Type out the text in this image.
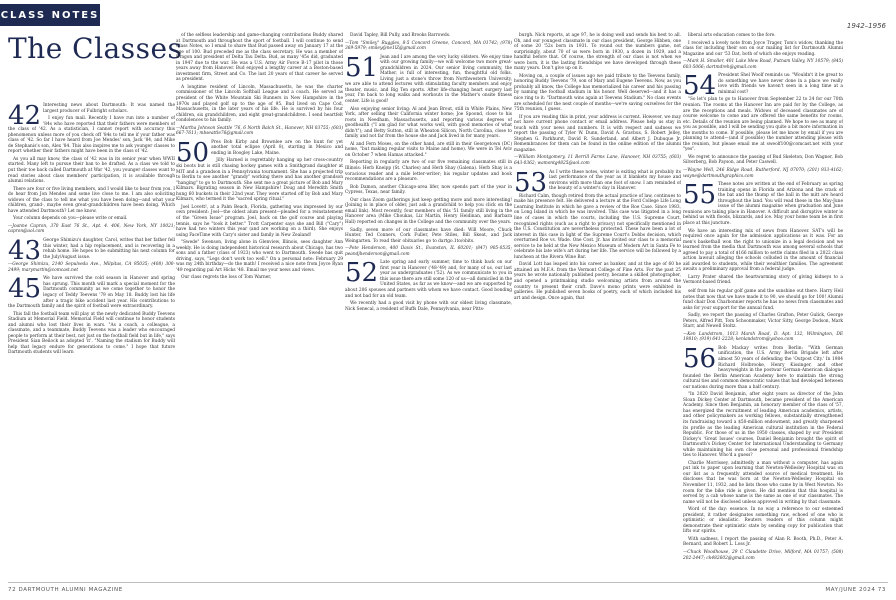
CLASS NOTES
1942–1956
The Classes
42 Interesting news about Dartmouth: It was named the largest producer of Fulbright scholars.

I enjoy fun mail. Recently I have run into a number of '84s who have reported that their fathers were members of the class of '42. As a statistician, I cannot report with accuracy this phenomenon unless more of you check off '84s to tell me if your father was class of '42. So far I have heard from Joe Mendes' son, Jack '84, and Mike de Stephanis's son, Alex '84. This also inspires me to ask younger classes to report whether their fathers might have been in the class of '42.

As you all may know, the class of '42 was in its senior year when WWII started. Many left to pursue their ban to be drafted. As a class we told to put their toe back called Dartmouth at War '42, you younger classes want to read stories about class members' participation, it is available through alumni relations.

There are four or five living members, and I would like to hear from you. I do hear from Jon Mendes and some live close to me. I am also soliciting widows of the class to tell me what you have been doing—and what your children, grand-, maybe even great-grandchildren have been doing. Which have attended Dartmouth? Let me know.

Your column depends on you—please write or email.

—Joanne Capron, 370 East 76 St., Apt. 4. 406, New York, NY 10021; capron@aol.com

43 George Shimizu's daughter, Carol, writes that her father fell this winter, had a hip replacement, and is recovering in a rehab home. He hopes to be submitting his next column for the July/August issue.

—George Shimizu, 2140 Sepulveda Ave., Milpitas, CA 95035; (408) 300-2499; marymartin@comcast.net

45 We have survived the cold season in Hanover and spring has sprung. This month will mark a special moment for the Dartmouth community as we come together to honor the legacy of Teddy Teevens '79 on May 18. Buddy lost his life after a tragic bike accident last year. His contributions to the Dartmouth family and the spirit of football were extraordinary.

This fall the football team will play at the newly dedicated Buddy Teevens Stadium at Memorial Field. Memorial Field will continue to honor students and alumni who lost their lives in wars. "As a coach, a colleague, a classmate, and a teammate, Buddy Teevens was a leader who encouraged people to perform at their best, not just on the football field but in life," says President Sian Beilock as adopted 'it'. "Naming the stadium for Buddy will help that legacy endure for generations to come." I hope that future Dartmouth students will learn

of the selfless leadership and game-changing contributions Buddy shared at Dartmouth and throughout the sport of football. I will continue to send Class Notes, so I email to share that Bud passed away on January 17 at the age of 100. Bud preceded me as the class secretary. He was a member of Dragon and president of Delta Tau Delta. Bud, as many '45s did, graduated in 1947 due to the war. He was a U.S. Army Air Force B-17 pilot in those years away from Hanover. Bud enjoyed a lengthy career at a Boston-based investment firm, Street and Co. The last 20 years of that career he served as president.

A longtime resident of Lincoln, Massachusetts, he was the charter commissioner of the Lincoln Softball League and a coach. He served as president of the White Mountain Ski Runners in New Hampshire in the 1970s and played golf up to the age of 95. Bud lived on Cape Cod, Massachusetts, in the later years of his life. He is survived by his four children, six grandchildren, and eight great-grandchildren. I send heartfelt condolences to his family.

—Martha Johnson Seattle '76, 6 North Balch St., Hanover, NH 03755; (603) 667-7611; mbseattle76@gmail.com

50 Pres Bob Kirby and Brownlee are on the hunt for yet another total eclipse (April 8), starting in Mexico and ending in Boogley Lake, Maine.

Jilly Harned is regrettably hanging up her cross-country ski boots but is still chasing hockey games with a Smithgrand daughter at MIT and a grandson in a Pennsylvania tournament. She has a projected trip to Berlin to see another "grandy" working there and has another grandson "hanging" to go to Dartmouth. She sent me a great picture of Bob and Mary Kilmars. Bigrating season in New Hampshire! Doug and Meredith Smith hung 60 buckets in their 22nd year. They were started off by Bob and Mary Kilmars, who termed it the "sacred spring ritual."

Joel Lovett!, at a Palm Beach, Florida, gathering was impressed by our own president: Joel—the oldest alum present—pleaded for a reinstatement of the "Green Issue" program. Joel, back on the golf course and playing tennis, says he "took it better." Trott Carpenter says she and Bill ("Cary") have had two winters this year (and are working on a third). She enjoys using FaceTime with Cary's sister and family in New Zealand!

"Swede" Swenson, living alone in Glenview, Illinois, sees daughter Ann weekly. He is doing independent historical research about Chicago, has two sons and a father (class of 1923) who went to Dartmouth. Swede has quit driving, says, "Legs don't work too well." On a personal note: February 29 was my 24th birthday—do the math! I received a nice note from Joyce Ryan '49 regarding pal Art Hicks '48. Email me your news and views.

Our class regrets the loss of Tom Warner,

David Tapley, Bill Pully, and Brooks Barrowds.

—Tom "Smiley" Ruggles, 8-5 Concord Greene, Concord, MA 01742; (978) 369-5979; smiley@ne1lZ@gmail.com

51 Jean and I are among the very lucky oldsters. We enjoy time with our growing family—we will welcome two more great-grandchildren in 2024. Our senior living community, the Mather, is full of interesting, fun, thoughtful old folks. Living just a stone's throw from Northwestern University, we are able to attend lectures with stimulating faculty members and enjoy theater, music, and Big Ten sports. After life-changing heart surgery last year, I'm back to long walks and workouts in the Mather's onsite fitness center. Life is good!

Also enjoying senior living: Al and Jean Brout, still in White Plains, New York, after selling their California winter home; Joe Spoond, close to his roots in Needham, Massachusetts, and reporting various degrees of goodhealth ("I am glad for what works well, with good memories of what didn't"); and Betty Sutton, still in Wheaton Silicon, North Carolina, close to family and not far from the house she and Jack lived in for many years.

Al and Fern Moses, on the other hand, are still in their Georgetown (DC) home, "but making regular visits to Maine and home). We were in Tel Aviv on October 7 when Hamas attacked."

Reporting in regularly are two of our five remaining classmates still in Illinois: Herb Kneipp (St. Charles) and Herb Shay (Galena). Herb Shay is a voracious reader and a mile letter-writer; his regular updates and book recommendations are a pleasure.

Bob Damon, another Chicago-area lifer, now spends part of the year in Cypress, Texas, near family.

Our class Zoom gatherings just keep getting more and more interesting! (Joining is in place of older, just ask a grandchild to help you click on the email link). Most recently, four members of this '51 family still living in the Hanover area (Mike Choukas, Liz Martin, Henry Heidinan, and Barbara Hall) reported on changes in the College and the community over the years.

Sadly, seven more of our classmates have died: Will Moore, Chuck Hunter, Ted Conners, Cork Fuller, Pete Stiles, Bill Skeat, and Jack Weingarten. To read their obituaries go to dartgo.1to/obits.

—Pete Henderson, 400 Davis St., Evanston, IL 60201; (847) 905-0535; peandjhenderson@gmail.com

52 Late spring and early summer, time to think back on our first year in Hanover ('48-'49) and, for many of us, our last year as undergraduates ('52). As we communicate to you in this issue there are still some 120 of us—all domiciled in the United States, as far as we know—and we are supported by about 206 spouses and partners with whom we have contact. Good bonding and not bad for an old team.

We recently had a good visit by phone with our oldest living classmate, Nick Senecal, a resident of Buffs Dale, Pennsylvania, near Pitts-

burgh. Nick reports, at age 97, he is doing well and sends his best to all. Oh, and our youngest classmate in our class president, George Hibben, one of some 20 '52s born in 1931. To round out the numbers game, not surprisingly, about 70 of us were born in 1930, a dozen in 1929, and a handful before that. Of course, the strength of our class is not when we were born, it is the lasting friendships we have developed through these many years. Don't give up on it.

Moving on, a couple of issues ago we paid tribute to the Teevens family, honoring Buddy Teevens '79, son of Mary and Eugene Teevens. Now, as you probably all know, the College has memorialized his career and his passing by naming the football stadium in his honor. Well deserved—and it has a nice ring to it: "Dartmouth wins again at Teevens Stadium." No class events are scheduled for the next couple of months—we're saving ourselves for the 75th reunion, I guess.

If you are reading this in print, your address is current. However, we may not have current phone contact or email address. Please help us stay in touch with your news and numbers. It is with respect and sadness we report the passing of Tyler W. Dunn, David A. Gravbus, S. Robert Jelley, Stephen G. Parkhurst, David R. Sunderland, and Albert J. Dubuque Jr. Remembrances for them can be found in the online edition of the alumni magazine.

—William Montgomery, 11 Berrill Farms Lane, Hanover, NH 03755; (603) 643-0362; wamontg4825@aol.com

53 As I write these notes, winter is exiting what is probably its last performance of the year as it blankets my house and environs with more than one foot of snow. I am reminded of the beauty of a winter's day in Hanover.

Richard Calm, though retired from the actual practice of law, continues to make his presence felt. He delivered a lecture at the Ford College Life Long Learning Institute in which he gave a review of the Roe Case. Since 1983, on Long Island in which he was involved. This case was litigated in a long line of cases in which the courts, including the U.S. Supreme Court, recognized rights (such as a right to privacy) not specifically mentioned in the U.S. Constitution are nevertheless protected. These have been a lot of interest in this case in light of the Supreme Court's Dobbs decision, which overturned Roe vs. Wade. One Cost. Jr. has invited our class to a memorial service to be held at the New Mexico Museum of Modern Art in Santa Fe to celebrate his late wife's art during her life. The service will be followed by a luncheon at the Rivera Wine Bar.

David Lott has leaped into his career as banker, and at the age of 60 he attained an M.F.A. from the Vermont College of Fine Arts. For the past 25 years he wrote nationally published poetry, became a skilled photographer, and opened a printmaking studio welcoming artists from around the country to present their craft. Dave's mono prints were exhibited in galleries. He published seven books of poetry, each of which included his art and design. Once again, that

liberal arts education comes to the fore.

I received a lovely note from Joyce Trager, Tom's widow, thanking the class for including their son on our mailing list for Dartmouth Alumni Magazine and our '53 Dat, both of which she enjoys reading.

—Mark H. Smoller, 401 Lake Mew Road, Putnam Valley, NY 10579; (845) 603-5066; dartmdreh@gmail.com

54 President Shel Woolf reminds us: "Wouldn't it be great to do something we have never done in a place we really love with friends we haven't seen in a long time at a minimal cost?

"So let's plan to go to Hanover from September 22 to 24 for our 70th reunion. The rooms at the Hanover Inn are paid for by the College, as are the receptions and meals. Widows of deceased classmates are of course welcome to come and are offered the same benefits for rooms, etc. Details of the reunion are being planned. We hope to see as many of you as possible, and I will be sending you quite a bit more information in the months to come. If possible, please let me know by email if you are planning to attend—(and if possible) the number attending please with the reunion, but please email me at sweolf100@comcast.net with your "yes".

We regret to announce the passing of Bud Skeleton, Don Wagner, Bob Silverberg, Bob Payson, and Peter Caswell.

—Wayne Well, 246 Ridge Road, Rutherford, NJ 07070; (201) 933-4162; wayne@dartmouthgraphics.com

55 These notes are written at the end of February as spring training opens in Florida and Arizona and the crack of the bat and the thump of the ball in the mitt are heard throughout the land. You will read these in the May-June issue of the alumni magazine when graduation and June reunions are taking place in Hanover. A difficult and disruptive winter is behind us with floods, blizzards, and ice. May your home team be in first place at this juncture.

We have an interesting mix of news from Hanover. SAT's will be required once again for the admission applications as it was. For an men's basketball won the right to unionize in a legal decision and we learned from the media that Dartmouth was among several schools that agreed to pay a total of $166 million to settle claims filed in a 2022 class action lawsuit alleging the schools colluded in the amount of financial aid awarded to students, while their wealthier families. The agreement awaits a preliminary approval from a federal judge.

Larry Prater shared the heartwarming story of giving kidneys to a Vermont-based friend.

self from his regular golf game and the sunshine out there. Harry Heil notes that now that we have made it to 90, we should go for 100! Alumni fund chair Don Charbonnier reports he has no news from classmates and asks for your support for the annual fund.

Sadly, we report the passing of Charles Grafton, Peter Gulick, George Peters, Alfred Pitt, Tom Schoonmaker, Victor Sitty, George Dodson, Mark Starr, and Newell Stoltz.

—Ken Landstrom, 1013 Marsh Road, D. Apt. 132, Wilmington, DE 19810; (919) 641-2228; kenlandstrom@yahoo.com

56 Bob Mackay writes from Berlin: "With German unification, the U.S. Army Berlin Brigade left after almost 50 years of defending the 'Outpost City.' In 1984 Richard Holbrooke, Henry Kissinger, and other heavyweights in the postwar German-American dialogue founded the Berlin American Academy here to maintain the strong cultural ties and common democratic values that had developed between our nations during more than a half century.

"In 2020 David Benjamin, after eight years as director of the John Sloan Dickey Center at Dartmouth, became president of the American Academy. Since then Benjamin, an honorary member of the class of '57, has energized the recruitment of leading American academics, artists, and other policymakers as working fellows, substantially strengthened its fundraising toward a $50-million endowment, and greatly sharpened its profile as the leading American cultural institution in the Federal Republic. For those of us in the 1950 classes, shaped by our President Dickey's 'Great Issues' courses, Daniel Benjamin brought the spirit of Dartmouth's Dickey Center for International Understanding to Germany while maintaining his own close personal and professional friendship ties to Hanover. Who'd a guess?

Charlie Morrissey, admittedly a man without a computer, has again put ink to paper upon learning that Newton-Wellesley Hospital was on our list as a frequently attended source of medical treatment. He discloses that he was born at the Newton-Wellesley Hospital on November 11, 1932, and he lists those who came by in West Newton. No room for the bike ride is given. He did mention that this hospital is served by a cab whose name is the same as one of our classmates. The name will not be disclosed unless approved in writing by that classmate.

Word of the day: essence. In no way a reference to our esteemed president, it rather designates something raw, echoed of one who is optimistic or idealistic. Reuters readers of this column might demonstrate their optimistic state by sending copy for publication that lifts our spirits.

With sadness, I report the passing of Alan R. Booth, Ph.D., Peter A. Bernard, and Robert L. Loss Jr.

—Chuck Woodhouse, 29 C Claudette Drive, Milford, MA 01757; (508) 202-2447; ck482602@gmail.com

72 DARTMOUTH ALUMNI MAGAZINE	MAY/JUNE 2024 73
